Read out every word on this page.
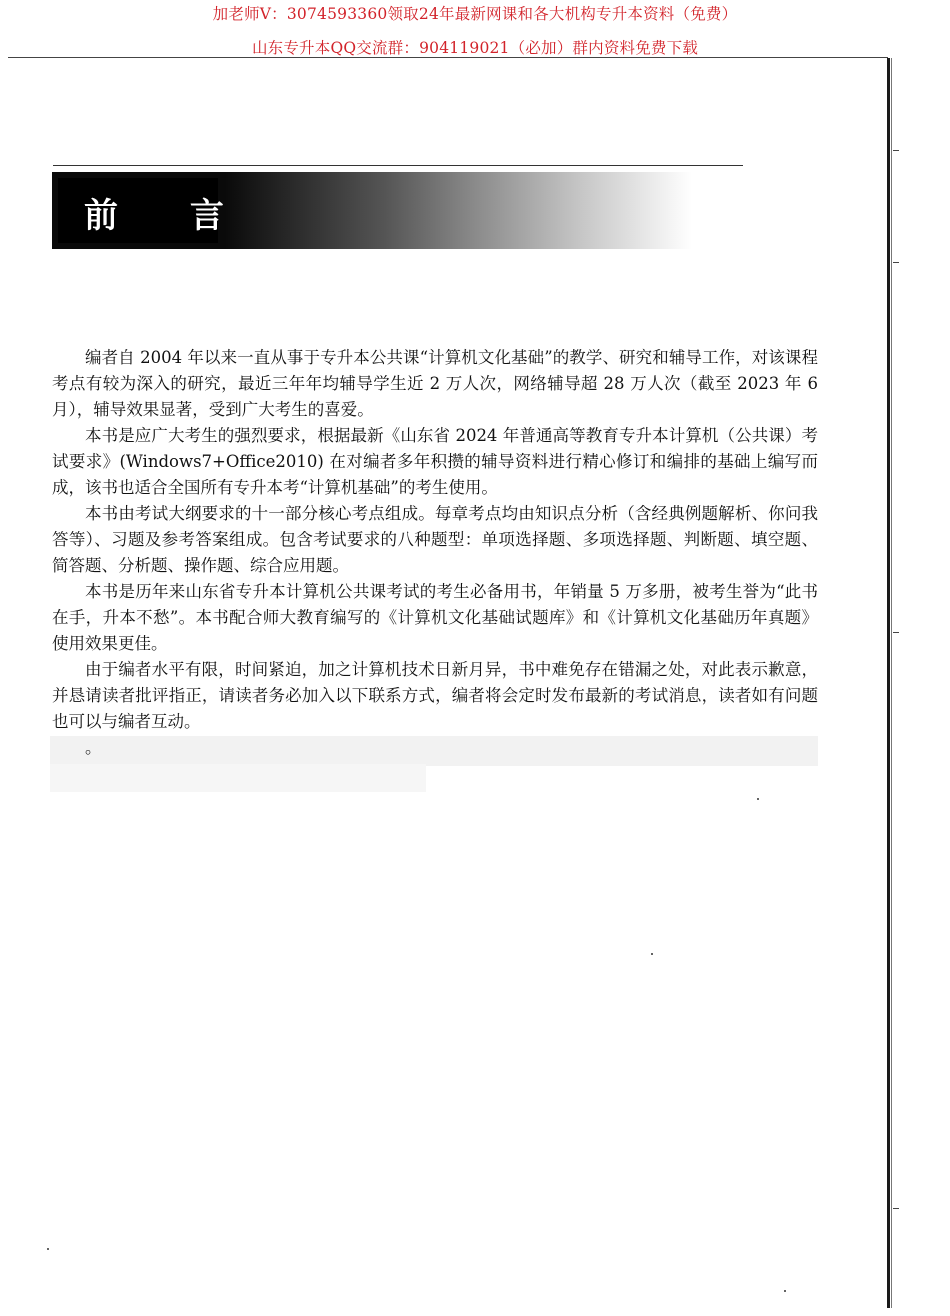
加老师V：3074593360领取24年最新网课和各大机构专升本资料（免费）
山东专升本QQ交流群：904119021（必加）群内资料免费下载
前 言

编者自 2004 年以来一直从事于专升本公共课“计算机文化基础”的教学、研究和辅导工作，对该课程考点有较为深入的研究，最近三年年均辅导学生近 2 万人次，网络辅导超 28 万人次（截至 2023 年 6 月），辅导效果显著，受到广大考生的喜爱。

本书是应广大考生的强烈要求，根据最新《山东省 2024 年普通高等教育专升本计算机（公共课）考试要求》(Windows7+Office2010) 在对编者多年积攒的辅导资料进行精心修订和编排的基础上编写而成，该书也适合全国所有专升本考“计算机基础”的考生使用。

本书由考试大纲要求的十一部分核心考点组成。每章考点均由知识点分析（含经典例题解析、你问我答等）、习题及参考答案组成。包含考试要求的八种题型：单项选择题、多项选择题、判断题、填空题、简答题、分析题、操作题、综合应用题。

本书是历年来山东省专升本计算机公共课考试的考生必备用书，年销量 5 万多册，被考生誉为“此书在手，升本不愁”。本书配合师大教育编写的《计算机文化基础试题库》和《计算机文化基础历年真题》使用效果更佳。

由于编者水平有限，时间紧迫，加之计算机技术日新月异，书中难免存在错漏之处，对此表示歉意，并恳请读者批评指正，请读者务必加入以下联系方式，编者将会定时发布最新的考试消息，读者如有问题也可以与编者互动。

。
